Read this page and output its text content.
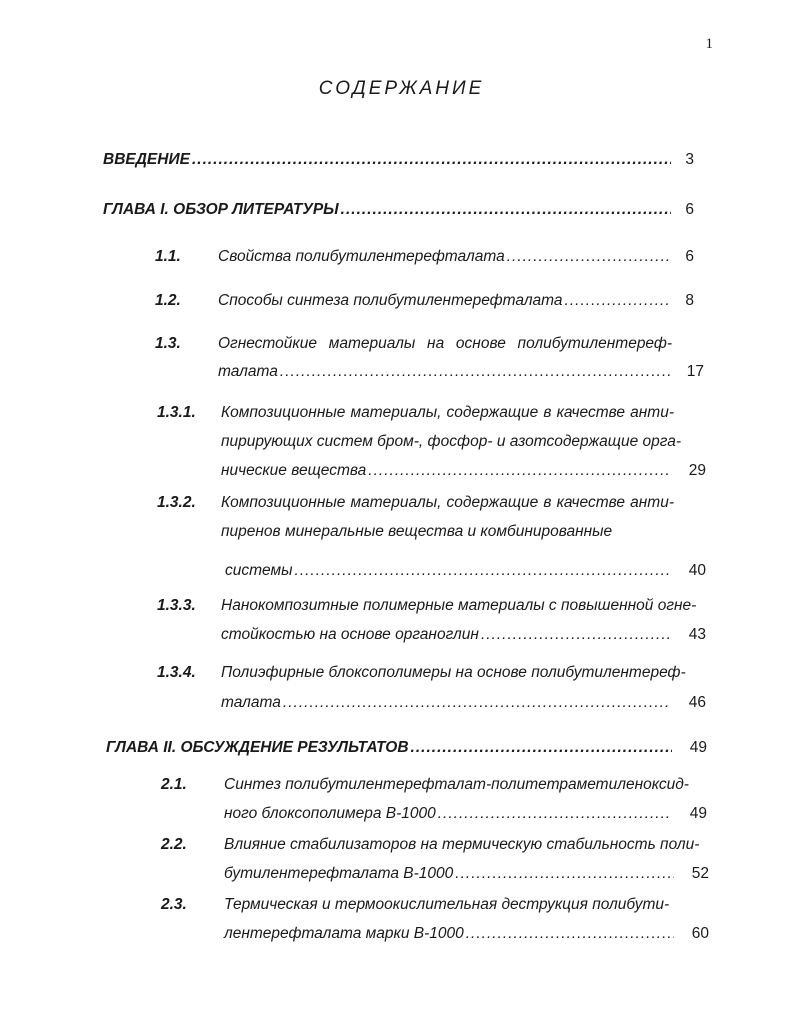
1
СОДЕРЖАНИЕ
ВВЕДЕНИЕ .....	3
ГЛАВА I. ОБЗОР ЛИТЕРАТУРЫ .....	6
1.1. Свойства полибутилентерефталата .....	6
1.2. Способы синтеза полибутилентерефталата .....	8
1.3. Огнестойкие материалы на основе полибутилентереф-
талата .....	17
1.3.1. Композиционные материалы, содержащие в качестве анти-
пирирующих систем бром-, фосфор- и азотсодержащие орга-
нические вещества .....	29
1.3.2. Композиционные материалы, содержащие в качестве анти-
пиренов минеральные вещества и комбинированные
системы .....	40
1.3.3. Нанокомпозитные полимерные материалы с повышенной огне-
стойкостью на основе органоглин .....	43
1.3.4. Полиэфирные блоксополимеры на основе полибутилентереф-
талата .....	46
ГЛАВА II. ОБСУЖДЕНИЕ РЕЗУЛЬТАТОВ .....	49
2.1. Синтез полибутилентерефталат-политетраметиленоксид-
ного блоксополимера В-1000 .....	49
2.2. Влияние стабилизаторов на термическую стабильность поли-
бутилентерефталата В-1000 .....	52
2.3. Термическая и термоокислительная деструкция полибути-
лентерефталата марки В-1000 .....	60
